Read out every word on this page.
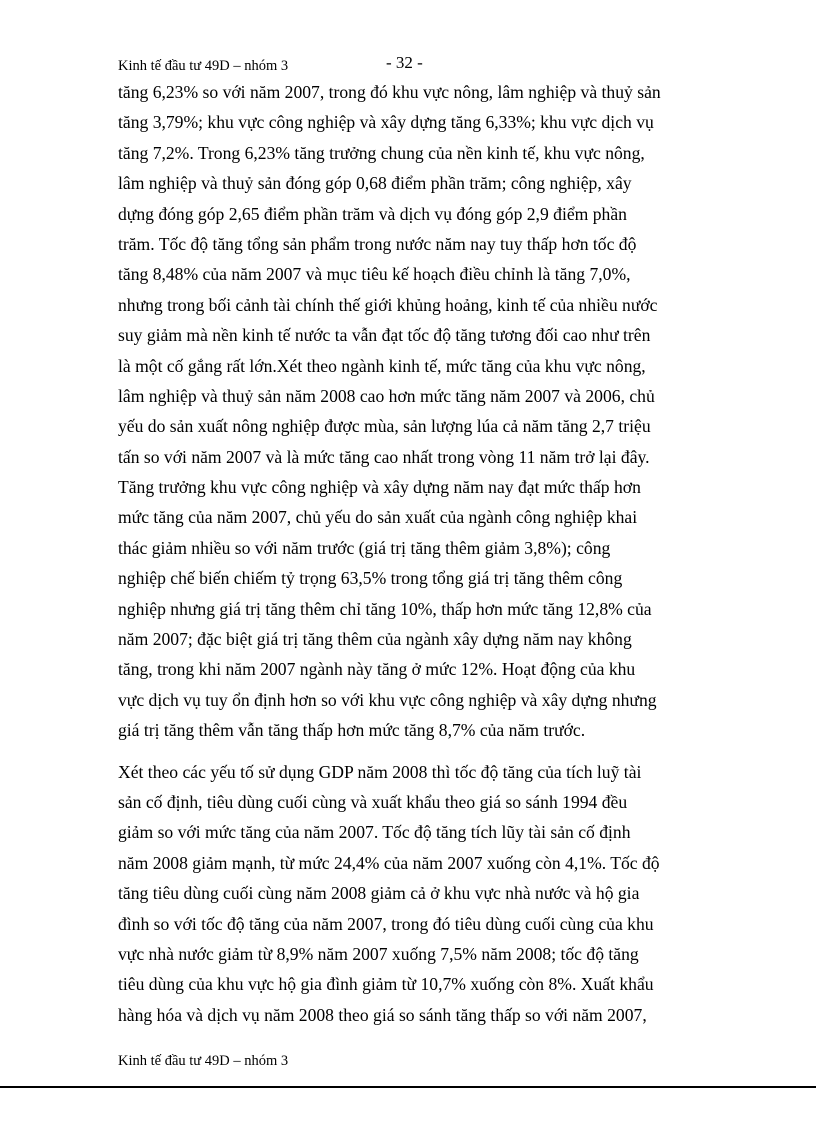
Kinh tế đầu tư 49D – nhóm 3	- 32 -
tăng 6,23% so với năm 2007, trong đó khu vực nông, lâm nghiệp và thuỷ sản
tăng 3,79%; khu vực công nghiệp và xây dựng tăng 6,33%; khu vực dịch vụ
tăng 7,2%. Trong 6,23% tăng trưởng chung của nền kinh tế, khu vực nông,
lâm nghiệp và thuỷ sản đóng góp 0,68 điểm phần trăm; công nghiệp, xây
dựng đóng góp 2,65 điểm phần trăm và dịch vụ đóng góp 2,9 điểm phần
trăm. Tốc độ tăng tổng sản phẩm trong nước năm nay tuy thấp hơn tốc độ
tăng 8,48% của năm 2007 và mục tiêu kế hoạch điều chỉnh là tăng 7,0%,
nhưng trong bối cảnh tài chính thế giới khủng hoảng, kinh tế của nhiều nước
suy giảm mà nền kinh tế nước ta vẫn đạt tốc độ tăng tương đối cao như trên
là một cố gắng rất lớn.Xét theo ngành kinh tế, mức tăng của khu vực nông,
lâm nghiệp và thuỷ sản năm 2008 cao hơn mức tăng năm 2007 và 2006, chủ
yếu do sản xuất nông nghiệp được mùa, sản lượng lúa cả năm tăng 2,7 triệu
tấn so với năm 2007 và là mức tăng cao nhất trong vòng 11 năm trở lại đây.
Tăng trưởng khu vực công nghiệp và xây dựng năm nay đạt mức thấp hơn
mức tăng của năm 2007, chủ yếu do sản xuất của ngành công nghiệp khai
thác giảm nhiều so với năm trước (giá trị tăng thêm giảm 3,8%); công
nghiệp chế biến chiếm tỷ trọng 63,5% trong tổng giá trị tăng thêm công
nghiệp nhưng giá trị tăng thêm chỉ tăng 10%, thấp hơn mức tăng 12,8% của
năm 2007; đặc biệt giá trị tăng thêm của ngành xây dựng năm nay không
tăng, trong khi năm 2007 ngành này tăng ở mức 12%. Hoạt động của khu
vực dịch vụ tuy ổn định hơn so với khu vực công nghiệp và xây dựng nhưng
giá trị tăng thêm vẫn tăng thấp hơn mức tăng 8,7% của năm trước.
Xét theo các yếu tố sử dụng GDP năm 2008 thì tốc độ tăng của tích luỹ tài
sản cố định, tiêu dùng cuối cùng và xuất khẩu theo giá so sánh 1994 đều
giảm so với mức tăng của năm 2007. Tốc độ tăng tích lũy tài sản cố định
năm 2008 giảm mạnh, từ mức 24,4% của năm 2007 xuống còn 4,1%. Tốc độ
tăng tiêu dùng cuối cùng năm 2008 giảm cả ở khu vực nhà nước và hộ gia
đình so với tốc độ tăng của năm 2007, trong đó tiêu dùng cuối cùng của khu
vực nhà nước giảm từ 8,9% năm 2007 xuống 7,5% năm 2008; tốc độ tăng
tiêu dùng của khu vực hộ gia đình giảm từ 10,7% xuống còn 8%. Xuất khẩu
hàng hóa và dịch vụ năm 2008 theo giá so sánh tăng thấp so với năm 2007,
Kinh tế đầu tư 49D – nhóm 3
